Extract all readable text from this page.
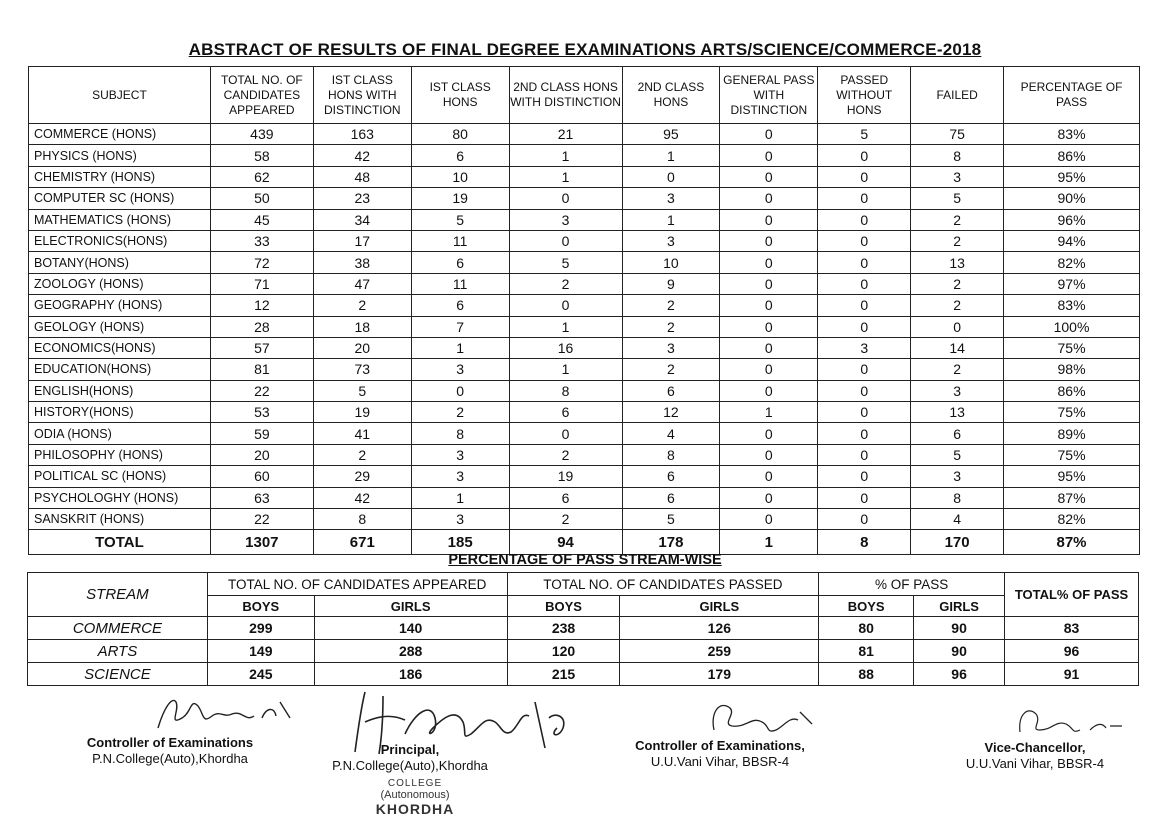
ABSTRACT OF RESULTS OF FINAL DEGREE EXAMINATIONS ARTS/SCIENCE/COMMERCE-2018
SUBJECT	TOTAL NO. OF CANDIDATES APPEARED	IST CLASS HONS WITH DISTINCTION	IST CLASS HONS	2ND CLASS HONS WITH DISTINCTION	2ND CLASS HONS	GENERAL PASS WITH DISTINCTION	PASSED WITHOUT HONS	FAILED	PERCENTAGE OF PASS
COMMERCE (HONS)	439	163	80	21	95	0	5	75	83%
PHYSICS (HONS)	58	42	6	1	1	0	0	8	86%
CHEMISTRY (HONS)	62	48	10	1	0	0	0	3	95%
COMPUTER SC (HONS)	50	23	19	0	3	0	0	5	90%
MATHEMATICS (HONS)	45	34	5	3	1	0	0	2	96%
ELECTRONICS(HONS)	33	17	11	0	3	0	0	2	94%
BOTANY(HONS)	72	38	6	5	10	0	0	13	82%
ZOOLOGY (HONS)	71	47	11	2	9	0	0	2	97%
GEOGRAPHY (HONS)	12	2	6	0	2	0	0	2	83%
GEOLOGY (HONS)	28	18	7	1	2	0	0	0	100%
ECONOMICS(HONS)	57	20	1	16	3	0	3	14	75%
EDUCATION(HONS)	81	73	3	1	2	0	0	2	98%
ENGLISH(HONS)	22	5	0	8	6	0	0	3	86%
HISTORY(HONS)	53	19	2	6	12	1	0	13	75%
ODIA (HONS)	59	41	8	0	4	0	0	6	89%
PHILOSOPHY (HONS)	20	2	3	2	8	0	0	5	75%
POLITICAL SC (HONS)	60	29	3	19	6	0	0	3	95%
PSYCHOLOGHY (HONS)	63	42	1	6	6	0	0	8	87%
SANSKRIT (HONS)	22	8	3	2	5	0	0	4	82%
TOTAL	1307	671	185	94	178	1	8	170	87%
PERCENTAGE OF PASS STREAM-WISE
STREAM	TOTAL NO. OF CANDIDATES APPEARED		TOTAL NO. OF CANDIDATES PASSED		% OF PASS		TOTAL% OF PASS
	BOYS	GIRLS	BOYS	GIRLS	BOYS	GIRLS	
COMMERCE	299	140	238	126	80	90	83
ARTS	149	288	120	259	81	90	96
SCIENCE	245	186	215	179	88	96	91
Controller of Examinations
P.N.College(Auto),Khordha
Principal,
P.N.College(Auto),Khordha
Controller of Examinations,
U.U.Vani Vihar, BBSR-4
Vice-Chancellor,
U.U.Vani Vihar, BBSR-4
COLLEGE
(Autonomous)
KHORDHA
